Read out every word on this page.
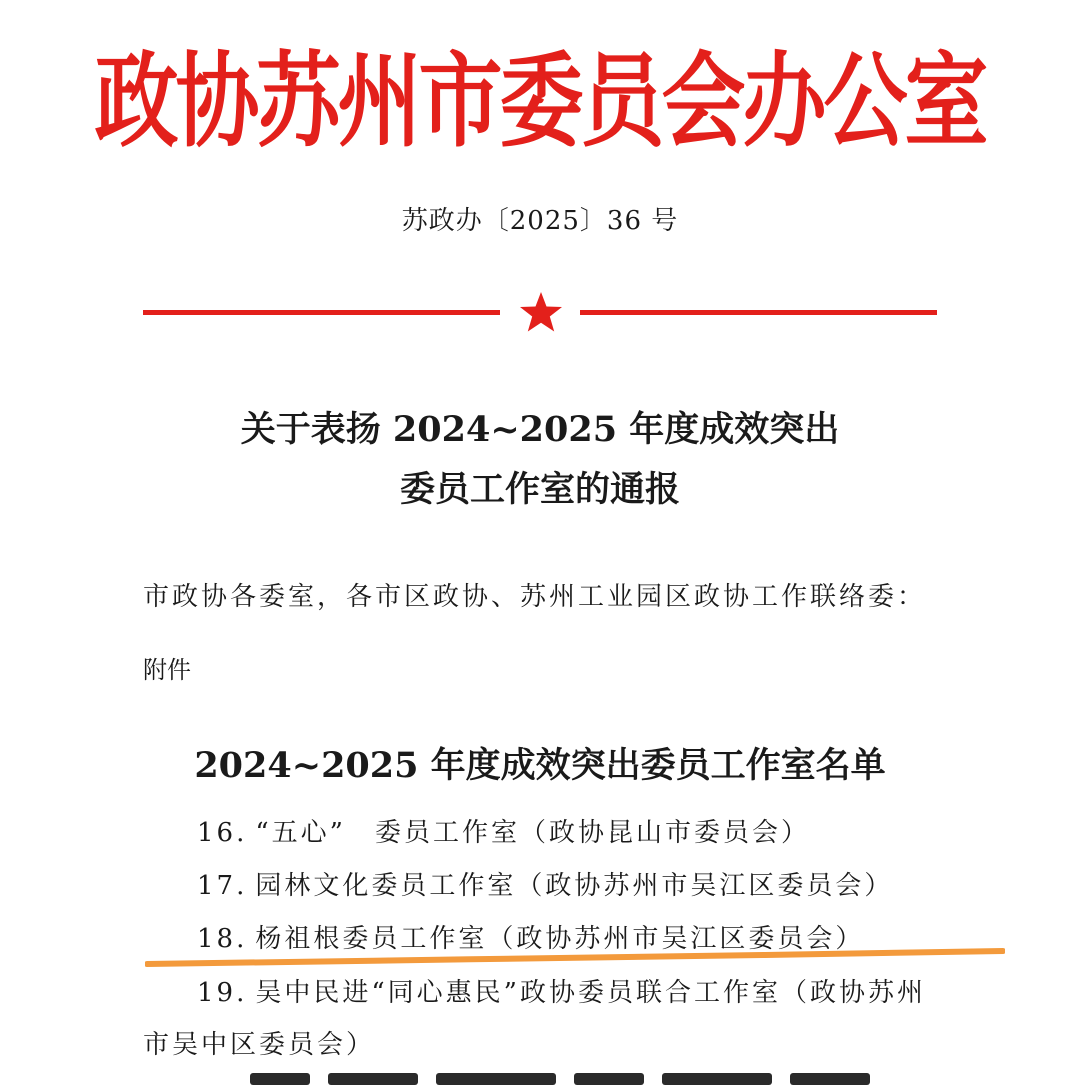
政协苏州市委员会办公室
苏政办〔2025〕36 号
关于表扬 2024~2025 年度成效突出
委员工作室的通报
市政协各委室，各市区政协、苏州工业园区政协工作联络委：
附件
2024~2025 年度成效突出委员工作室名单
16. “五心”　委员工作室（政协昆山市委员会）
17. 园林文化委员工作室（政协苏州市吴江区委员会）
18. 杨祖根委员工作室（政协苏州市吴江区委员会）
19. 吴中民进“同心惠民”政协委员联合工作室（政协苏州
市吴中区委员会）
